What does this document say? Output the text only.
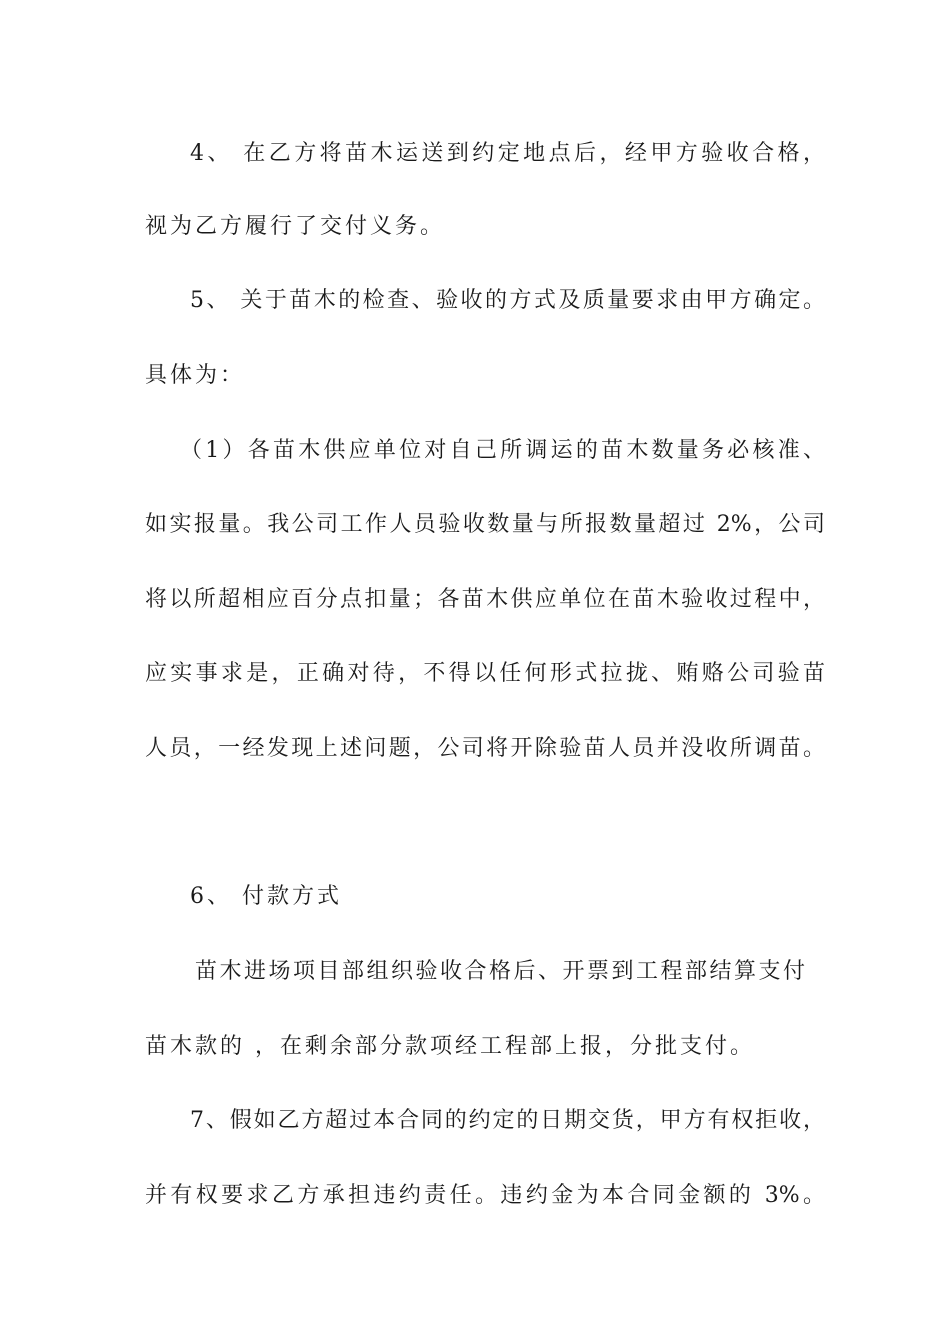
4、 在乙方将苗木运送到约定地点后，经甲方验收合格，
视为乙方履行了交付义务。
5、 关于苗木的检查、验收的方式及质量要求由甲方确定。
具体为：
（1）各苗木供应单位对自己所调运的苗木数量务必核准、
如实报量。我公司工作人员验收数量与所报数量超过 2%，公司
将以所超相应百分点扣量；各苗木供应单位在苗木验收过程中，
应实事求是，正确对待，不得以任何形式拉拢、贿赂公司验苗
人员，一经发现上述问题，公司将开除验苗人员并没收所调苗。
6、 付款方式
苗木进场项目部组织验收合格后、开票到工程部结算支付
苗木款的 ，在剩余部分款项经工程部上报，分批支付。
7、假如乙方超过本合同的约定的日期交货，甲方有权拒收，
并有权要求乙方承担违约责任。违约金为本合同金额的 3%。
